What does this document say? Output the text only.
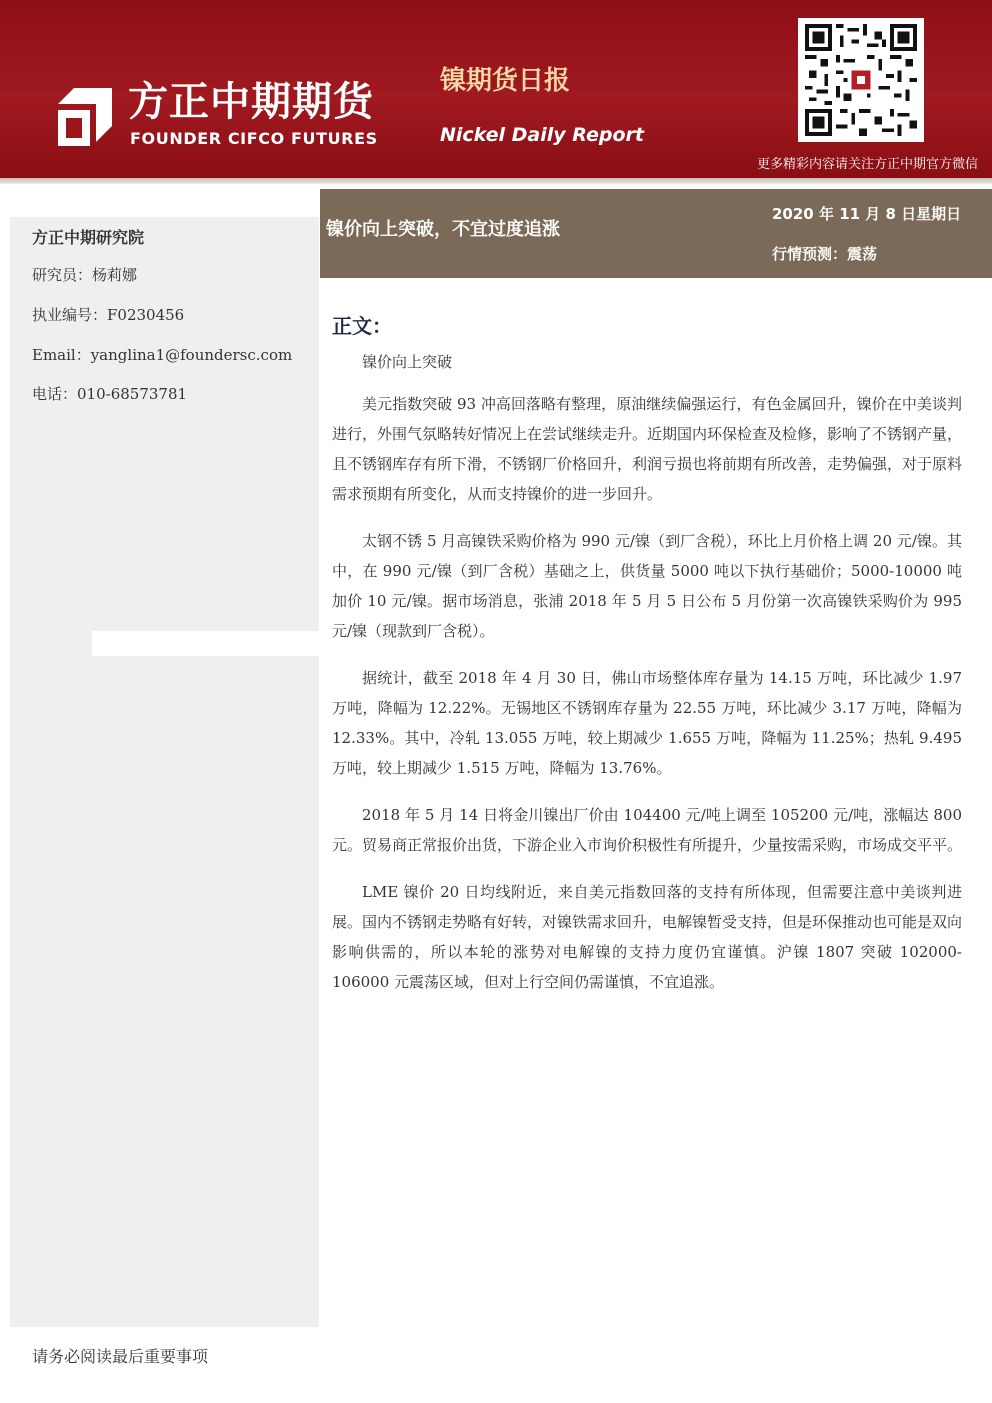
方正中期期货
FOUNDER CIFCO FUTURES
镍期货日报
Nickel Daily Report
更多精彩内容请关注方正中期官方微信
方正中期研究院
研究员：杨莉娜
执业编号：F0230456
Email：yanglina1@foundersc.com
电话：010-68573781
镍价向上突破，不宜过度追涨
2020 年 11 月 8 日星期日
行情预测：震荡
正文：
镍价向上突破

美元指数突破 93 冲高回落略有整理，原油继续偏强运行，有色金属回升，镍价在中美谈判进行，外围气氛略转好情况上在尝试继续走升。近期国内环保检查及检修，影响了不锈钢产量，且不锈钢库存有所下滑，不锈钢厂价格回升，利润亏损也将前期有所改善，走势偏强，对于原料需求预期有所变化，从而支持镍价的进一步回升。

太钢不锈 5 月高镍铁采购价格为 990 元/镍（到厂含税），环比上月价格上调 20 元/镍。其中，在 990 元/镍（到厂含税）基础之上，供货量 5000 吨以下执行基础价；5000-10000 吨加价 10 元/镍。据市场消息，张浦 2018 年 5 月 5 日公布 5 月份第一次高镍铁采购价为 995 元/镍（现款到厂含税）。

据统计，截至 2018 年 4 月 30 日，佛山市场整体库存量为 14.15 万吨，环比减少 1.97 万吨，降幅为 12.22%。无锡地区不锈钢库存量为 22.55 万吨，环比减少 3.17 万吨，降幅为 12.33%。其中，冷轧 13.055 万吨，较上期减少 1.655 万吨，降幅为 11.25%；热轧 9.495 万吨，较上期减少 1.515 万吨，降幅为 13.76%。

2018 年 5 月 14 日将金川镍出厂价由 104400 元/吨上调至 105200 元/吨，涨幅达 800 元。贸易商正常报价出货，下游企业入市询价积极性有所提升，少量按需采购，市场成交平平。

LME 镍价 20 日均线附近，来自美元指数回落的支持有所体现，但需要注意中美谈判进展。国内不锈钢走势略有好转，对镍铁需求回升，电解镍暂受支持，但是环保推动也可能是双向影响供需的，所以本轮的涨势对电解镍的支持力度仍宜谨慎。沪镍 1807 突破 102000-106000 元震荡区域，但对上行空间仍需谨慎，不宜追涨。

请务必阅读最后重要事项
